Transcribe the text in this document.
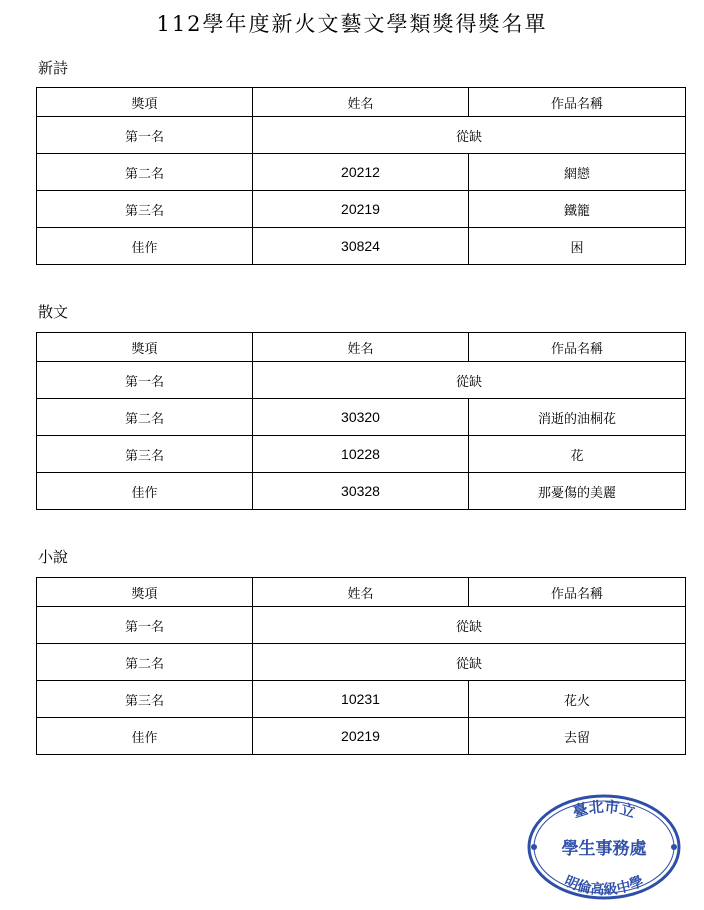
112學年度新火文藝文學類獎得獎名單
新詩
獎項	姓名	作品名稱
第一名	從缺	
第二名	20212	網戀
第三名	20219	鐵籠
佳作	30824	困
散文
獎項	姓名	作品名稱
第一名	從缺	
第二名	30320	消逝的油桐花
第三名	10228	花
佳作	30328	那憂傷的美麗
小說
獎項	姓名	作品名稱
第一名	從缺	
第二名	從缺	
第三名	10231	花火
佳作	20219	去留
臺北市立
學生事務處
明倫高級中學
